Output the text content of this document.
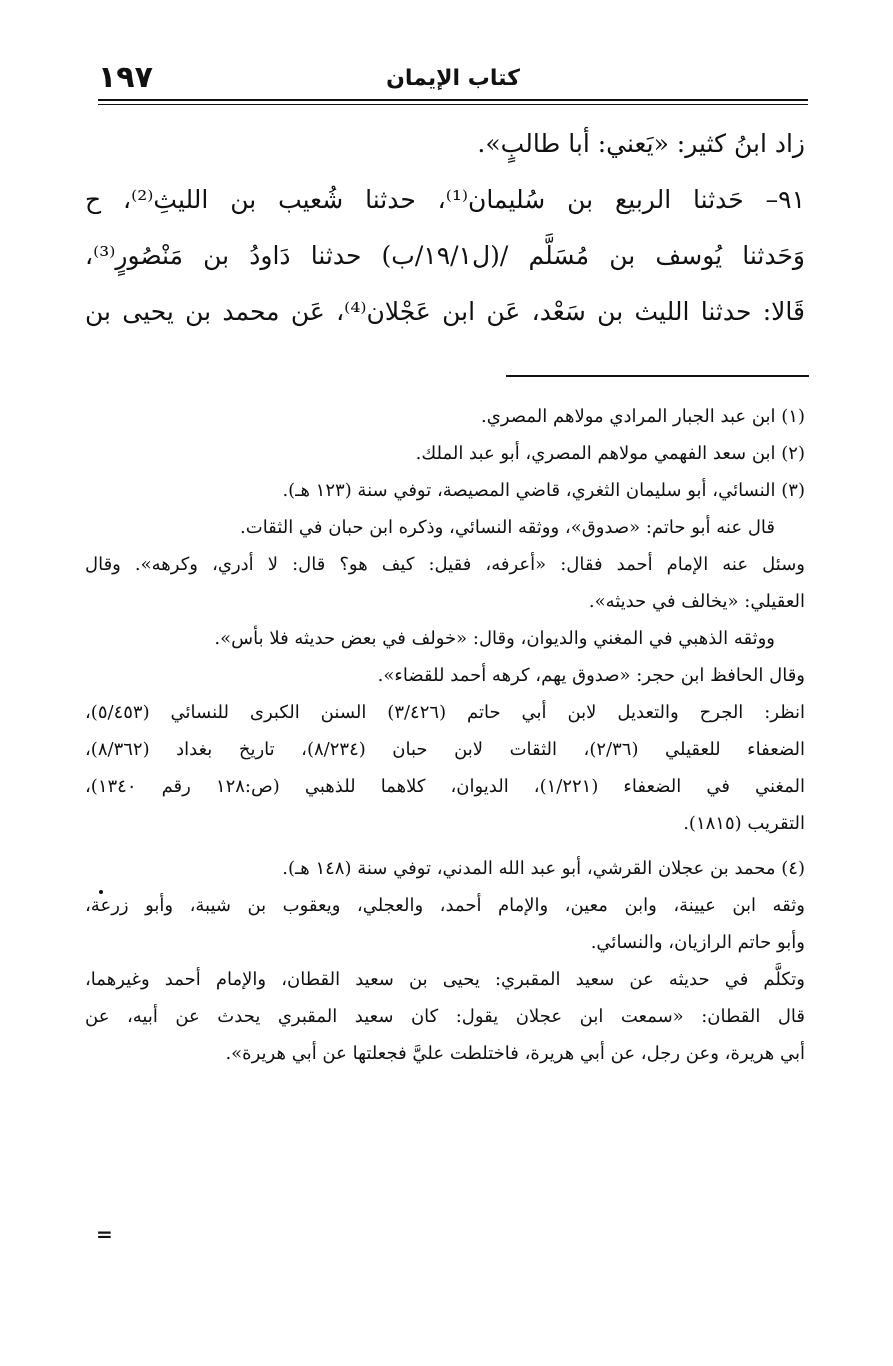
١٩٧	كتاب الإيمان
زاد ابنُ كثير: «يَعني: أبا طالبٍ».
٩١– حَدثنا الربيع بن سُليمان⁽¹⁾، حدثنا شُعيب بن الليثِ⁽²⁾، ح
وَحَدثنا يُوسف بن مُسَلَّم /(ل١٩/١/ب) حدثنا دَاودُ بن مَنْصُورٍ⁽³⁾،
قَالا: حدثنا الليث بن سَعْد، عَن ابن عَجْلان⁽⁴⁾، عَن محمد بن يحيى بن
(١) ابن عبد الجبار المرادي مولاهم المصري.
(٢) ابن سعد الفهمي مولاهم المصري، أبو عبد الملك.
(٣) النسائي، أبو سليمان الثغري، قاضي المصيصة، توفي سنة (١٢٣ هـ).
قال عنه أبو حاتم: «صدوق»، ووثقه النسائي، وذكره ابن حبان في الثقات.
وسئل عنه الإمام أحمد فقال: «أعرفه، فقيل: كيف هو؟ قال: لا أدري، وكرهه». وقال
العقيلي: «يخالف في حديثه».
ووثقه الذهبي في المغني والديوان، وقال: «خولف في بعض حديثه فلا بأس».
وقال الحافظ ابن حجر: «صدوق يهم، كرهه أحمد للقضاء».
انظر: الجرح والتعديل لابن أبي حاتم (٣/٤٢٦) السنن الكبرى للنسائي (٥/٤٥٣)،
الضعفاء للعقيلي (٢/٣٦)، الثقات لابن حبان (٨/٢٣٤)، تاريخ بغداد (٨/٣٦٢)،
المغني في الضعفاء (١/٢٢١)، الديوان، كلاهما للذهبي (ص:١٢٨ رقم ١٣٤٠)،
التقريب (١٨١٥).
(٤) محمد بن عجلان القرشي، أبو عبد الله المدني، توفي سنة (١٤٨ هـ).
وثقه ابن عيينة، وابن معين، والإمام أحمد، والعجلي، ويعقوب بن شيبة، وأبو زرعة،
وأبو حاتم الرازيان، والنسائي.
وتكلَّم في حديثه عن سعيد المقبري: يحيى بن سعيد القطان، والإمام أحمد وغيرهما،
قال القطان: «سمعت ابن عجلان يقول: كان سعيد المقبري يحدث عن أبيه، عن
أبي هريرة، وعن رجل، عن أبي هريرة، فاختلطت عليَّ فجعلتها عن أبي هريرة».
=
